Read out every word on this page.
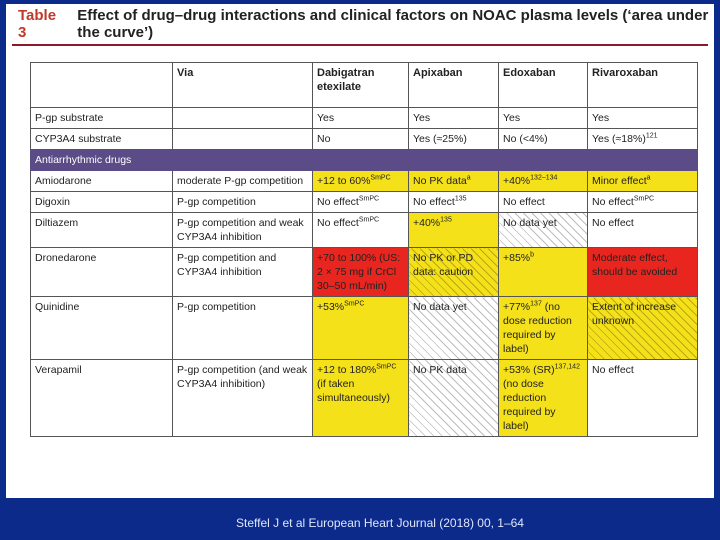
Table 3
Effect of drug–drug interactions and clinical factors on NOAC plasma levels (‘area under the curve’)
	Via	Dabigatran etexilate	Apixaban	Edoxaban	Rivaroxaban
P-gp substrate		Yes	Yes	Yes	Yes
CYP3A4 substrate		No	Yes (≈25%)	No (<4%)	Yes (≈18%)$^{121}$
Antiarrhythmic drugs					
Amiodarone	moderate P-gp competition	+12 to 60%$^{SmPC}$	No PK data$^a$	+40%$^{132-134}$	Minor effect$^a$
Digoxin	P-gp competition	No effect$^{SmPC}$	No effect$^{135}$	No effect	No effect$^{SmPC}$
Diltiazem	P-gp competition and weak CYP3A4 inhibition	No effect$^{SmPC}$	+40%$^{135}$	No data yet	No effect
Dronedarone	P-gp competition and CYP3A4 inhibition	+70 to 100% (US: 2 × 75 mg if CrCl 30–50 mL/min)	No PK or PD data: caution	+85%$^b$	Moderate effect, should be avoided
Quinidine	P-gp competition	+53%$^{SmPC}$	No data yet	+77%$^{137}$ (no dose reduction required by label)	Extent of increase unknown
Verapamil	P-gp competition (and weak CYP3A4 inhibition)	+12 to 180%$^{SmPC}$ (if taken simultaneously)	No PK data	+53% (SR)$^{137,142}$ (no dose reduction required by label)	No effect
Steffel J et al European Heart Journal (2018) 00, 1–64
